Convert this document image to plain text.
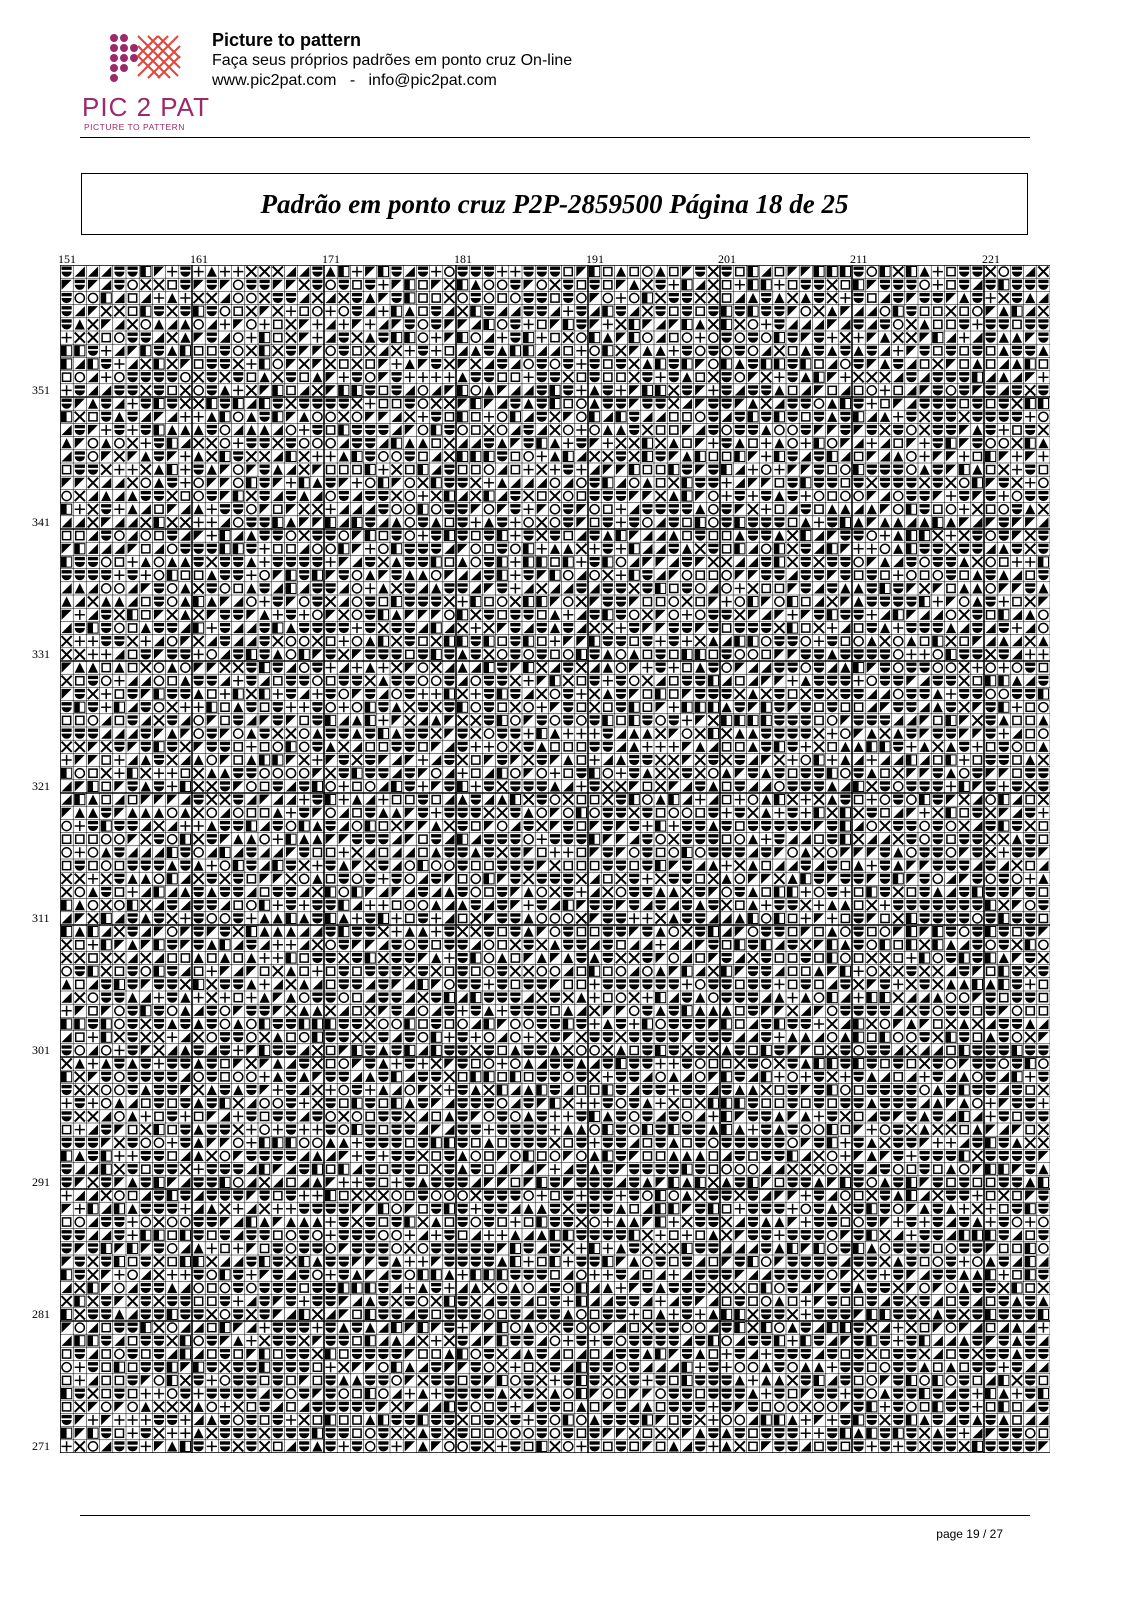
PIC 2 PAT
PICTURE TO PATTERN
Picture to pattern
Faça seus próprios padrões em ponto cruz On-line
www.pic2pat.com   -   info@pic2pat.com
Padrão em ponto cruz P2P-2859500 Página 18 de 25
151	161	171	181	191	201	211	221
351
341
331
321
311
301
291
281
271
page 19 / 27
